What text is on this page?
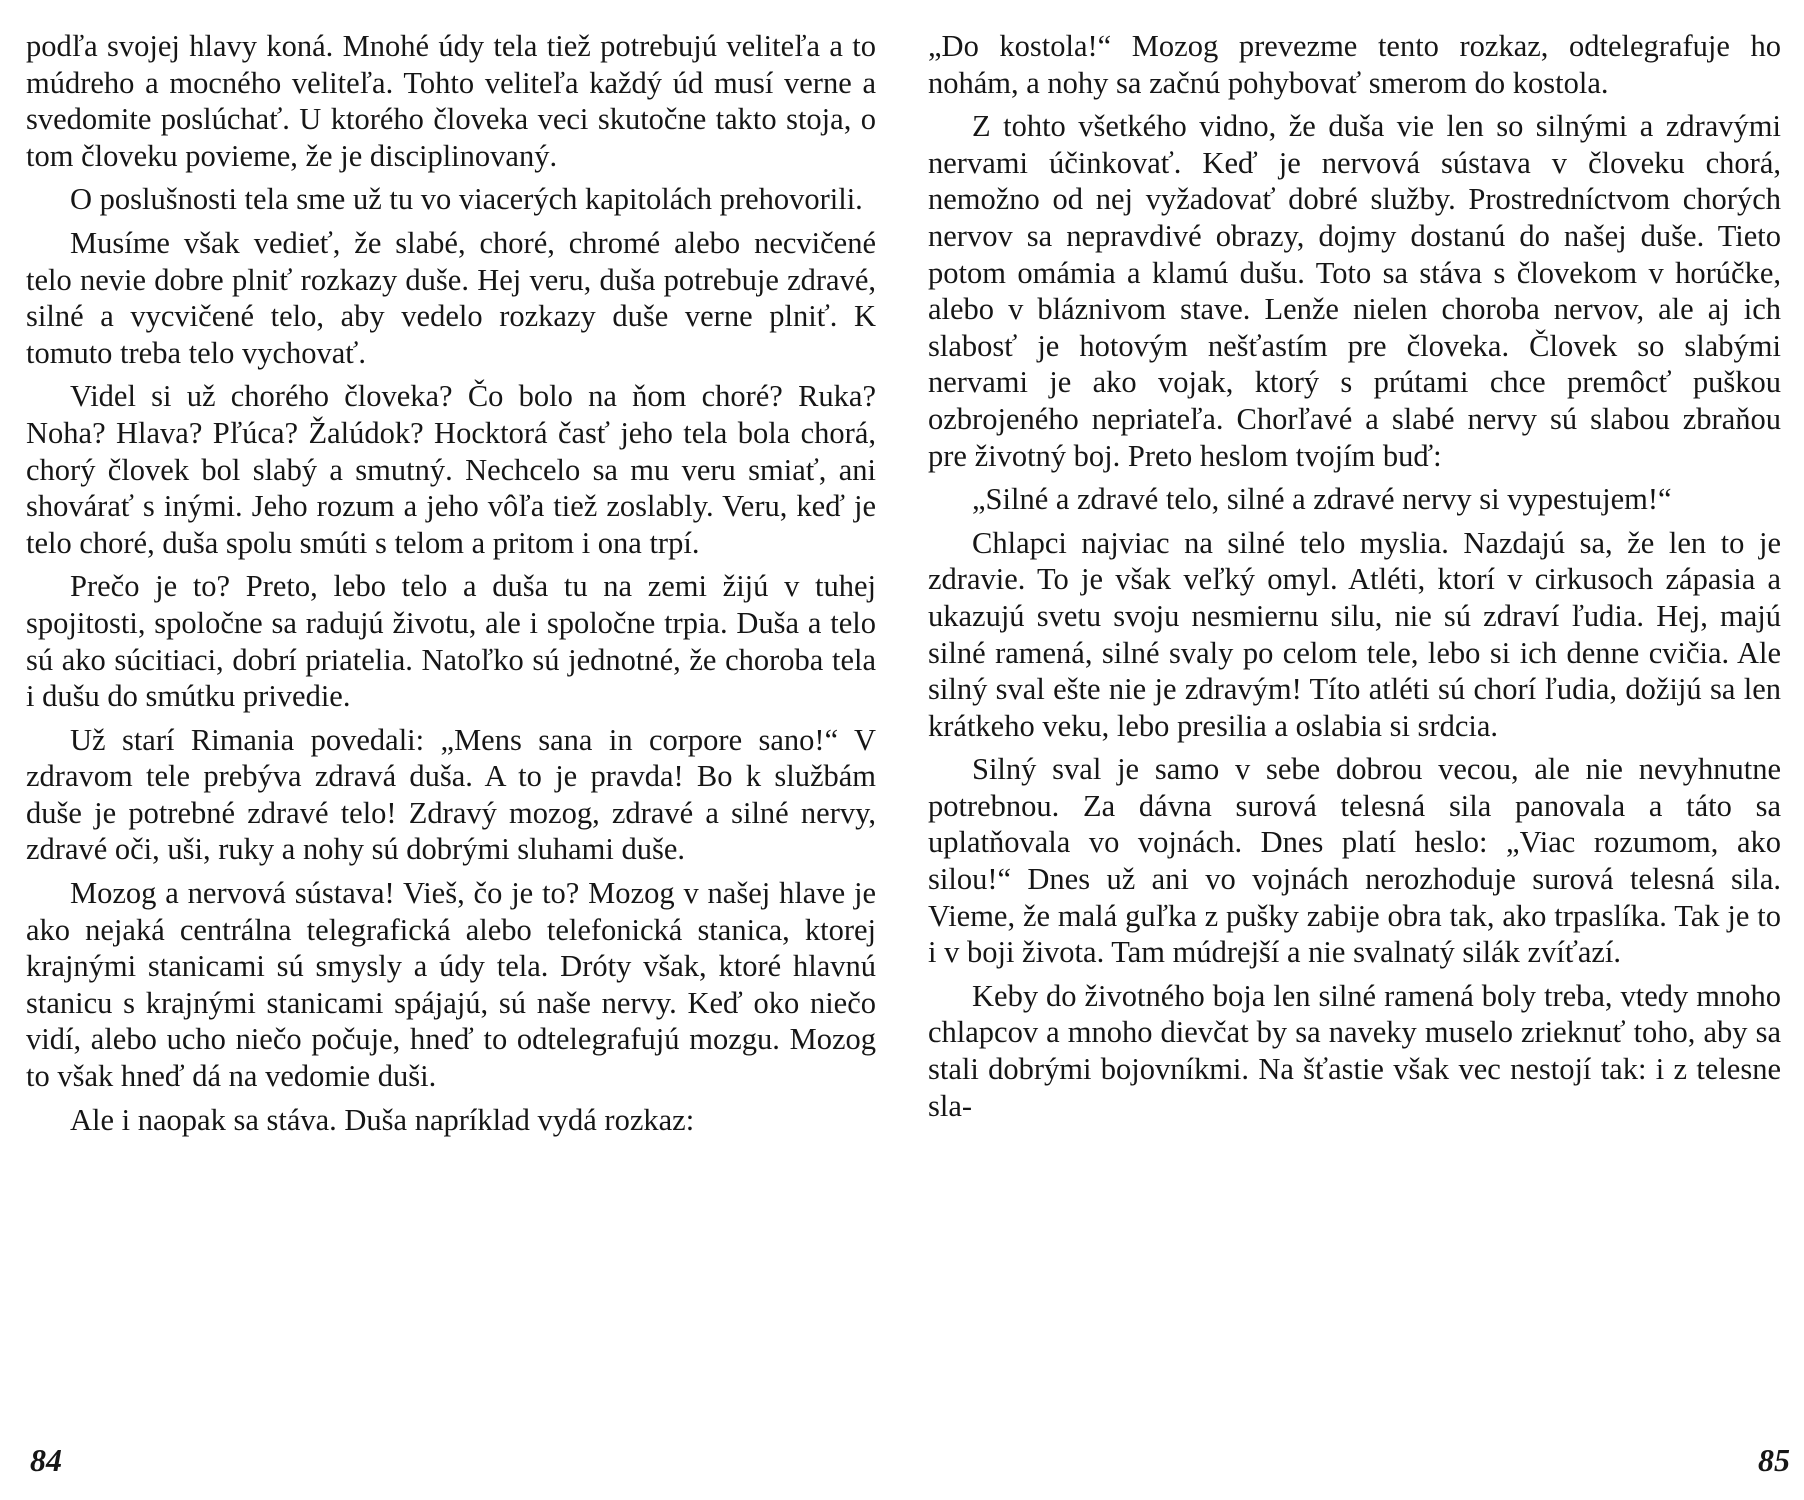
podľa svojej hlavy koná. Mnohé údy tela tiež potrebujú veliteľa a to múdreho a mocného veliteľa. Tohto veliteľa každý úd musí verne a svedomite poslúchať. U ktorého človeka veci skutočne takto stoja, o tom človeku povieme, že je disciplinovaný.

O poslušnosti tela sme už tu vo viacerých kapitolách prehovorili.

Musíme však vedieť, že slabé, choré, chromé alebo necvičené telo nevie dobre plniť rozkazy duše. Hej veru, duša potrebuje zdravé, silné a vycvičené telo, aby vedelo rozkazy duše verne plniť. K tomuto treba telo vychovať.

Videl si už chorého človeka? Čo bolo na ňom choré? Ruka? Noha? Hlava? Pľúca? Žalúdok? Hocktorá časť jeho tela bola chorá, chorý človek bol slabý a smutný. Nechcelo sa mu veru smiať, ani shovárať s inými. Jeho rozum a jeho vôľa tiež zoslably. Veru, keď je telo choré, duša spolu smúti s telom a pritom i ona trpí.

Prečo je to? Preto, lebo telo a duša tu na zemi žijú v tuhej spojitosti, spoločne sa radujú životu, ale i spoločne trpia. Duša a telo sú ako súcitiaci, dobrí priatelia. Natoľko sú jednotné, že choroba tela i dušu do smútku privedie.

Už starí Rimania povedali: „Mens sana in corpore sano!“ V zdravom tele prebýva zdravá duša. A to je pravda! Bo k službám duše je potrebné zdravé telo! Zdravý mozog, zdravé a silné nervy, zdravé oči, uši, ruky a nohy sú dobrými sluhami duše.

Mozog a nervová sústava! Vieš, čo je to? Mozog v našej hlave je ako nejaká centrálna telegrafická alebo telefonická stanica, ktorej krajnými stanicami sú smysly a údy tela. Dróty však, ktoré hlavnú stanicu s krajnými stanicami spájajú, sú naše nervy. Keď oko niečo vidí, alebo ucho niečo počuje, hneď to odtelegrafujú mozgu. Mozog to však hneď dá na vedomie duši.

Ale i naopak sa stáva. Duša napríklad vydá rozkaz:

84

„Do kostola!“ Mozog prevezme tento rozkaz, odtelegrafuje ho nohám, a nohy sa začnú pohybovať smerom do kostola.

Z tohto všetkého vidno, že duša vie len so silnými a zdravými nervami účinkovať. Keď je nervová sústava v človeku chorá, nemožno od nej vyžadovať dobré služby. Prostredníctvom chorých nervov sa nepravdivé obrazy, dojmy dostanú do našej duše. Tieto potom omámia a klamú dušu. Toto sa stáva s človekom v horúčke, alebo v bláznivom stave. Lenže nielen choroba nervov, ale aj ich slabosť je hotovým nešťastím pre človeka. Človek so slabými nervami je ako vojak, ktorý s prútami chce premôcť puškou ozbrojeného nepriateľa. Chorľavé a slabé nervy sú slabou zbraňou pre životný boj. Preto heslom tvojím buď:

„Silné a zdravé telo, silné a zdravé nervy si vypestujem!“

Chlapci najviac na silné telo myslia. Nazdajú sa, že len to je zdravie. To je však veľký omyl. Atléti, ktorí v cirkusoch zápasia a ukazujú svetu svoju nesmiernu silu, nie sú zdraví ľudia. Hej, majú silné ramená, silné svaly po celom tele, lebo si ich denne cvičia. Ale silný sval ešte nie je zdravým! Títo atléti sú chorí ľudia, dožijú sa len krátkeho veku, lebo presilia a oslabia si srdcia.

Silný sval je samo v sebe dobrou vecou, ale nie nevyhnutne potrebnou. Za dávna surová telesná sila panovala a táto sa uplatňovala vo vojnách. Dnes platí heslo: „Viac rozumom, ako silou!“ Dnes už ani vo vojnách nerozhoduje surová telesná sila. Vieme, že malá guľka z pušky zabije obra tak, ako trpaslíka. Tak je to i v boji života. Tam múdrejší a nie svalnatý silák zvíťazí.

Keby do životného boja len silné ramená boly treba, vtedy mnoho chlapcov a mnoho dievčat by sa naveky muselo zrieknuť toho, aby sa stali dobrými bojovníkmi. Na šťastie však vec nestojí tak: i z telesne sla-

85
